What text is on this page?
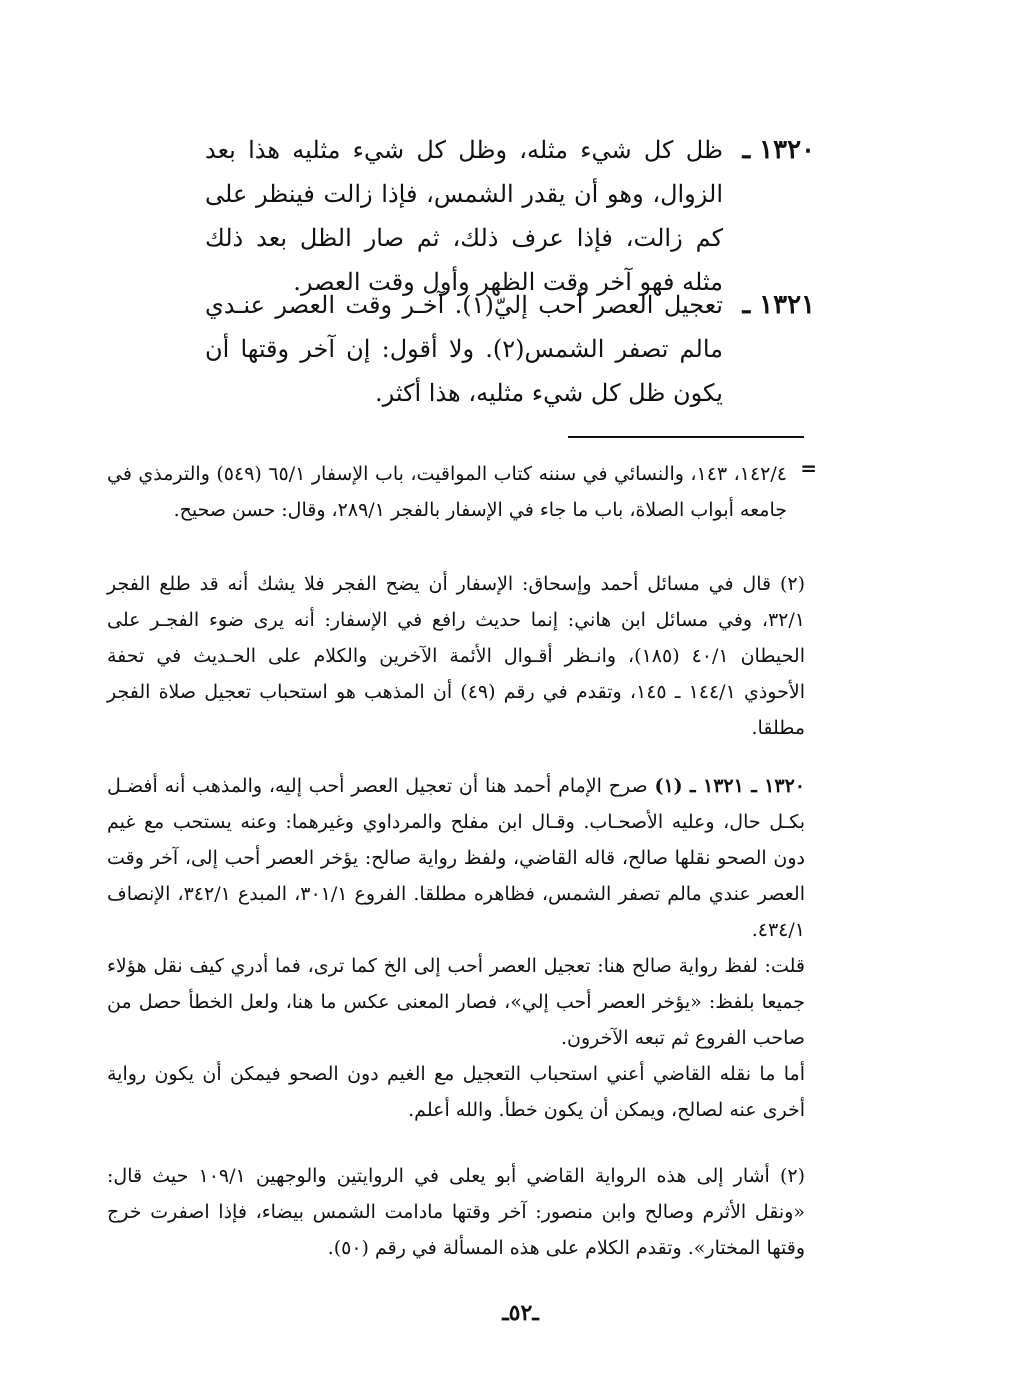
١٣٢٠ ـ
ظل كل شيء مثله، وظل كل شيء مثليه هذا بعد الزوال، وهو أن يقدر الشمس، فإذا زالت فينظر على كم زالت، فإذا عرف ذلك، ثم صار الظل بعد ذلك مثله فهو آخر وقت الظهر وأول وقت العصر.
١٣٢١ ـ
تعجيل العصر أحب إليّ(١). آخـر وقت العصر عنـدي مالم تصفر الشمس(٢). ولا أقول: إن آخر وقتها أن يكون ظل كل شيء مثليه، هذا أكثر.
=

١٤٢/٤، ١٤٣، والنسائي في سننه كتاب المواقيت، باب الإسفار ٦٥/١ (٥٤٩) والترمذي في جامعه أبواب الصلاة، باب ما جاء في الإسفار بالفجر ٢٨٩/١، وقال: حسن صحيح.

(٢) قال في مسائل أحمد وإسحاق: الإسفار أن يضح الفجر فلا يشك أنه قد طلع الفجر ٣٢/١، وفي مسائل ابن هاني: إنما حديث رافع في الإسفار: أنه يرى ضوء الفجـر على الحيطان ٤٠/١ (١٨٥)، وانـظر أقـوال الأئمة الآخرين والكلام على الحـديث في تحفة الأحوذي ١٤٤/١ ـ ١٤٥، وتقدم في رقم (٤٩) أن المذهب هو استحباب تعجيل صلاة الفجر مطلقا.

١٣٢٠ ـ ١٣٢١ ـ (١) صرح الإمام أحمد هنا أن تعجيل العصر أحب إليه، والمذهب أنه أفضـل بكـل حال، وعليه الأصحـاب. وقـال ابن مفلح والمرداوي وغيرهما: وعنه يستحب مع غيم دون الصحو نقلها صالح، قاله القاضي، ولفظ رواية صالح: يؤخر العصر أحب إلى، آخر وقت العصر عندي مالم تصفر الشمس، فظاهره مطلقا. الفروع ٣٠١/١، المبدع ٣٤٢/١، الإنصاف ٤٣٤/١.

قلت: لفظ رواية صالح هنا: تعجيل العصر أحب إلى الخ كما ترى، فما أدري كيف نقل هؤلاء جميعا بلفظ: «يؤخر العصر أحب إلي»، فصار المعنى عكس ما هنا، ولعل الخطأ حصل من صاحب الفروع ثم تبعه الآخرون.

أما ما نقله القاضي أعني استحباب التعجيل مع الغيم دون الصحو فيمكن أن يكون رواية أخرى عنه لصالح، ويمكن أن يكون خطأ. والله أعلم.

(٢) أشار إلى هذه الرواية القاضي أبو يعلى في الروايتين والوجهين ١٠٩/١ حيث قال: «ونقل الأثرم وصالح وابن منصور: آخر وقتها مادامت الشمس بيضاء، فإذا اصفرت خرج وقتها المختار». وتقدم الكلام على هذه المسألة في رقم (٥٠).

ـ٥٢ـ
